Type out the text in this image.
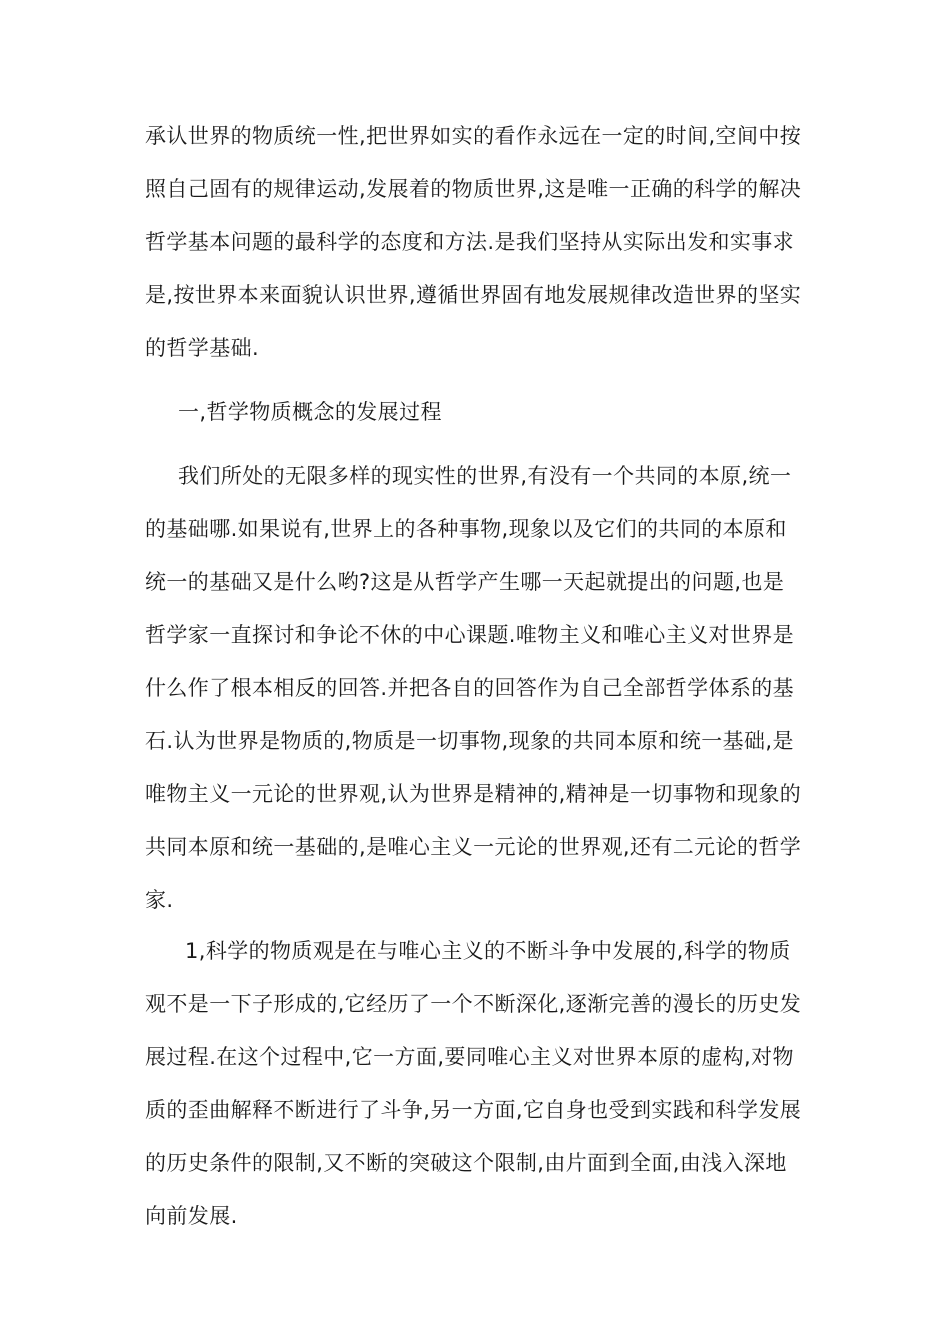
承认世界的物质统一性,把世界如实的看作永远在一定的时间,空间中按

照自己固有的规律运动,发展着的物质世界,这是唯一正确的科学的解决

哲学基本问题的最科学的态度和方法.是我们坚持从实际出发和实事求

是,按世界本来面貌认识世界,遵循世界固有地发展规律改造世界的坚实

的哲学基础.

一,哲学物质概念的发展过程

我们所处的无限多样的现实性的世界,有没有一个共同的本原,统一

的基础哪.如果说有,世界上的各种事物,现象以及它们的共同的本原和

统一的基础又是什么哟?这是从哲学产生哪一天起就提出的问题,也是

哲学家一直探讨和争论不休的中心课题.唯物主义和唯心主义对世界是

什么作了根本相反的回答.并把各自的回答作为自己全部哲学体系的基

石.认为世界是物质的,物质是一切事物,现象的共同本原和统一基础,是

唯物主义一元论的世界观,认为世界是精神的,精神是一切事物和现象的

共同本原和统一基础的,是唯心主义一元论的世界观,还有二元论的哲学

家.

1,科学的物质观是在与唯心主义的不断斗争中发展的,科学的物质

观不是一下子形成的,它经历了一个不断深化,逐渐完善的漫长的历史发

展过程.在这个过程中,它一方面,要同唯心主义对世界本原的虚构,对物

质的歪曲解释不断进行了斗争,另一方面,它自身也受到实践和科学发展

的历史条件的限制,又不断的突破这个限制,由片面到全面,由浅入深地

向前发展.
